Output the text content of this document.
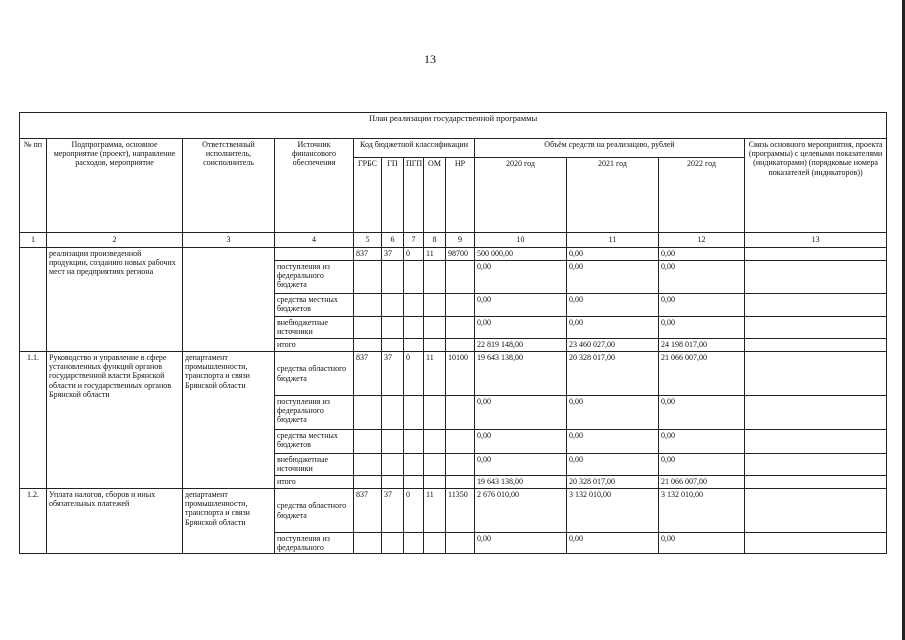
13
План реализации государственной программы												
№ пп	Подпрограмма, основное мероприятие (проект), направление расходов, мероприятие	Ответственный исполнитель, соисполнитель	Источник финансового обеспечения	Код бюджетной классификации					Объём средств на реализацию, рублей			Связь основного мероприятия, проекта (программы) с целевыми показателями (индикаторами) (порядковые номера показателей (индикаторов))
				ГРБС	ГП	ПГП	ОМ	НР	2020 год	2021 год	2022 год	
1	2	3	4	5	6	7	8	9	10	11	12	13
	реализации произведенной продукции, созданию новых рабочих мест на предприятиях региона			837	37	0	11	98700	500 000,00	0,00	0,00	
			поступления из федерального бюджета						0,00	0,00	0,00	
			средства местных бюджетов						0,00	0,00	0,00	
			внебюджетные источники						0,00	0,00	0,00	
			итого						22 819 148,00	23 460 027,00	24 198 017,00	
1.1.	Руководство и управление в сфере установленных функций органов государственной власти Брянской области и государственных органов Брянской области	департамент промышленности, транспорта и связи Брянской области	средства областного бюджета	837	37	0	11	10100	19 643 138,00	20 328 017,00	21 066 007,00	
			поступления из федерального бюджета						0,00	0,00	0,00	
			средства местных бюджетов						0,00	0,00	0,00	
			внебюджетные источники						0,00	0,00	0,00	
			итого						19 643 138,00	20 328 017,00	21 066 007,00	
1.2.	Уплата налогов, сборов и иных обязательных платежей	департамент промышленности, транспорта и связи Брянской области	средства областного бюджета	837	37	0	11	11350	2 676 010,00	3 132 010,00	3 132 010,00	
			поступления из федерального						0,00	0,00	0,00	
